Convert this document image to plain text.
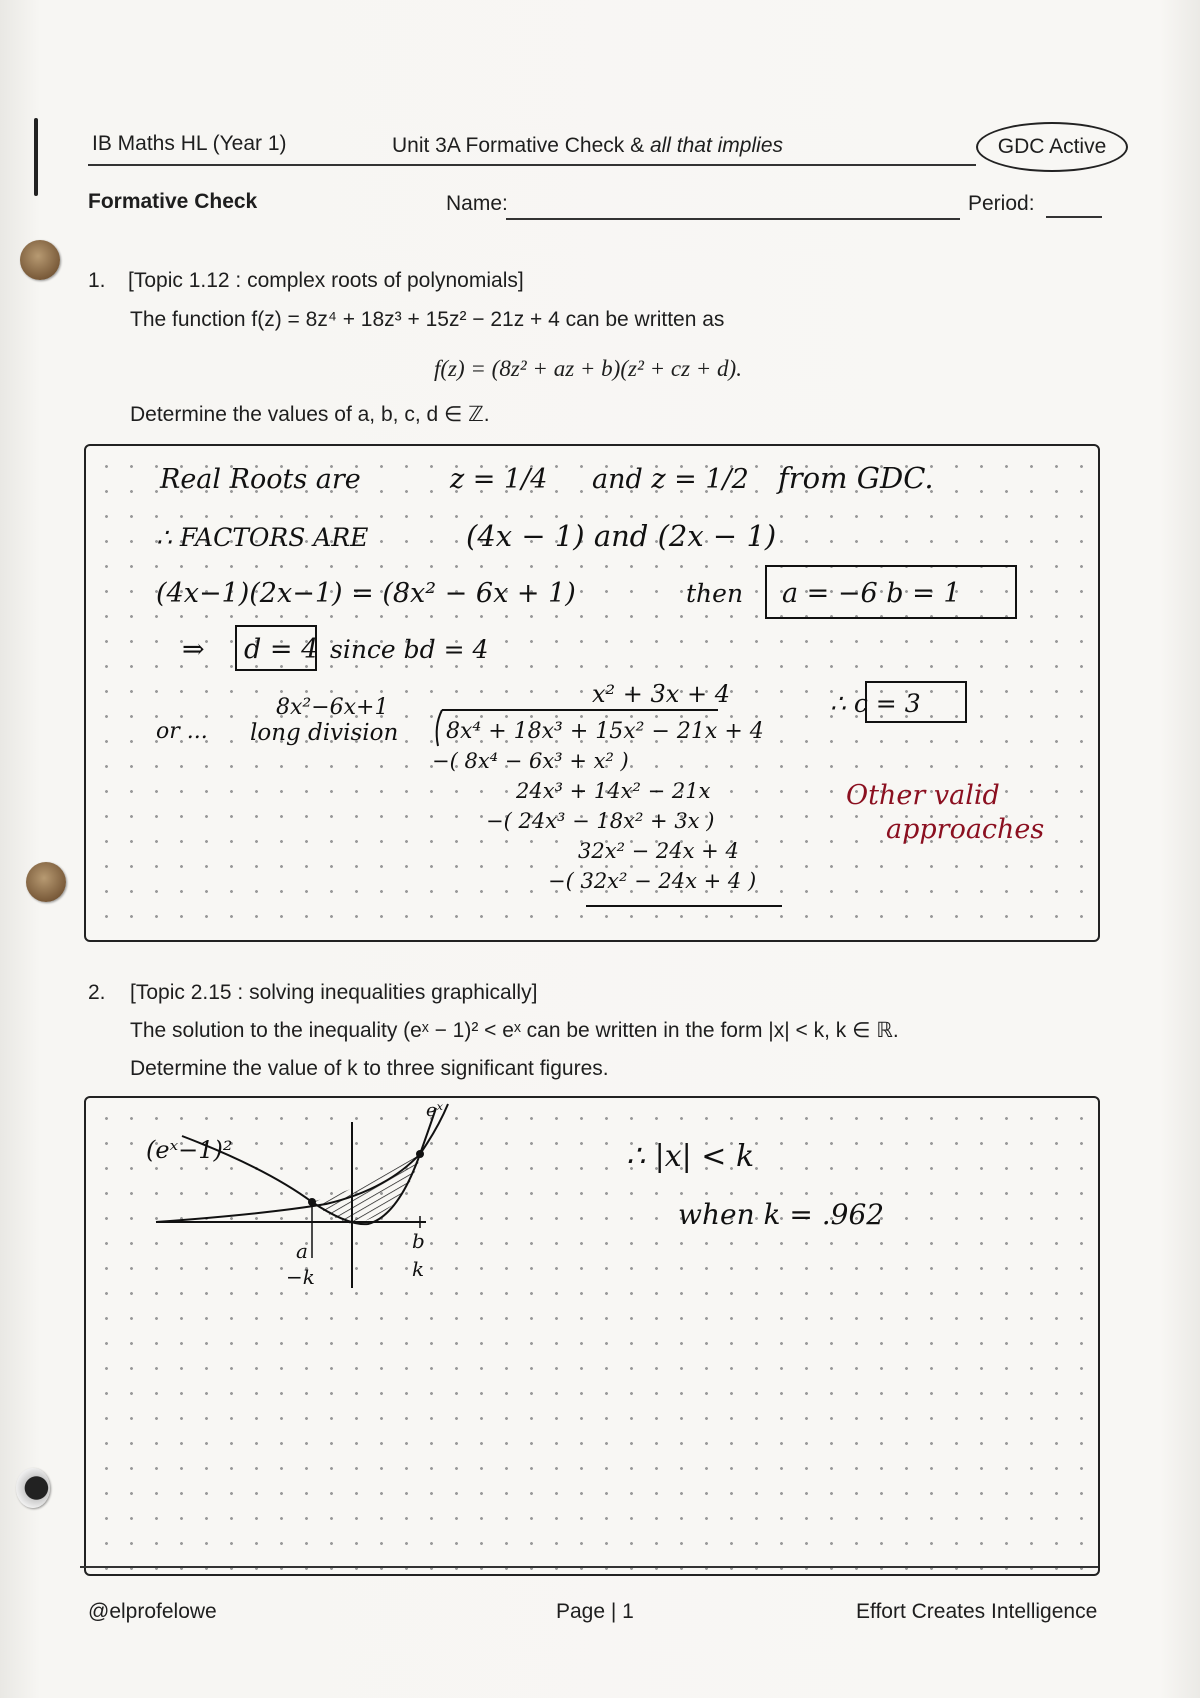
IB Maths HL (Year 1)	Unit 3A Formative Check & all that implies	GDC Active
Formative Check	Name:	Period:
1. [Topic 1.12 : complex roots of polynomials]
The function f(z) = 8z⁴ + 18z³ + 15z² − 21z + 4 can be written as
f(z) = (8z² + az + b)(z² + cz + d).
Determine the values of a, b, c, d ∈ ℤ.
Real Roots are	z = 1/4 and z = 1/2 from GDC.
∴ FACTORS ARE	(4x − 1) and (2x − 1)
(4x−1)(2x−1) = (8x² − 6x + 1)	then a = −6 b = 1
⇒ d = 4 since bd = 4
or ...
8x²−6x+1
long division
x² + 3x + 4
8x⁴ + 18x³ + 15x² − 21x + 4
−( 8x⁴ − 6x³ + x² )
24x³ + 14x² − 21x
−( 24x³ − 18x² + 3x )
32x² − 24x + 4
−( 32x² − 24x + 4 )
∴ c = 3
Other valid
approaches
2. [Topic 2.15 : solving inequalities graphically]
The solution to the inequality (eˣ − 1)² < eˣ can be written in the form |x| < k, k ∈ ℝ.
Determine the value of k to three significant figures.
(eˣ−1)²
eˣ
a
−k
b
k
∴ |x| < k
when k = .962
@elprofelowe	Page | 1	Effort Creates Intelligence
